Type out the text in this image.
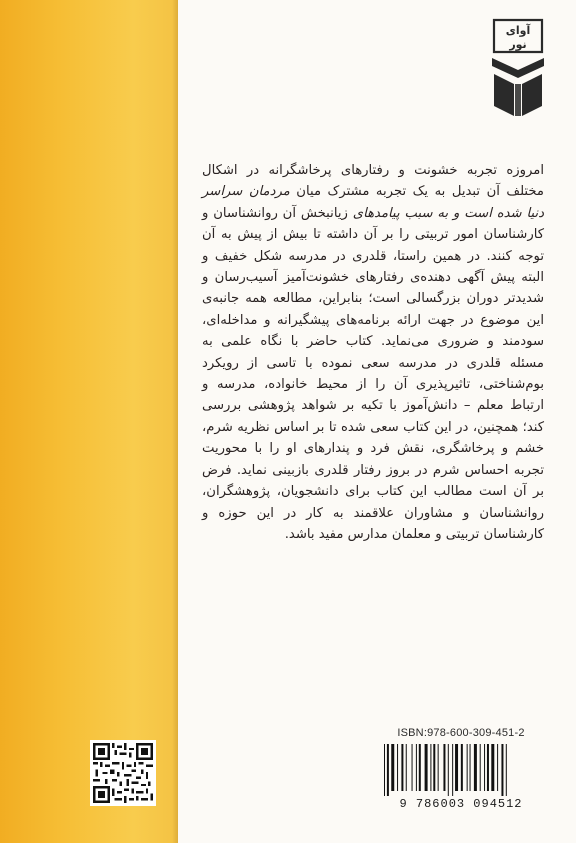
آوای
نور

امروزه تجربه خشونت و رفتارهای پرخاشگرانه در اشکال مختلف آن تبدیل به یک تجربه مشترک میان مردمان سراسر دنیا شده است و به سبب پیامدهای زیانبخش آن روانشناسان و کارشناسان امور تربیتی را بر آن داشته تا بیش از پیش به آن توجه کنند. در همین راستا، قلدری در مدرسه شکل خفیف و البته پیش آگهی دهنده‌ی رفتارهای خشونت‌آمیز آسیب‌رسان و شدیدتر دوران بزرگسالی است؛ بنابراین، مطالعه همه جانبه‌ی این موضوع در جهت ارائه برنامه‌های پیشگیرانه و مداخله‌ای، سودمند و ضروری می‌نماید. کتاب حاضر با نگاه علمی به مسئله قلدری در مدرسه سعی نموده با تاسی از رویکرد بوم‌شناختی، تاثیرپذیری آن را از محیط خانواده، مدرسه و ارتباط معلم – دانش‌آموز با تکیه بر شواهد پژوهشی بررسی کند؛ همچنین، در این کتاب سعی شده تا بر اساس نظریه شرم، خشم و پرخاشگری، نقش فرد و پندارهای او را با محوریت تجربه احساس شرم در بروز رفتار قلدری بازبینی نماید. فرض بر آن است مطالب این کتاب برای دانشجویان، پژوهشگران، روانشناسان و مشاوران علاقمند به کار در این حوزه و کارشناسان تربیتی و معلمان مدارس مفید باشد.

ISBN:978-600-309-451-2
9 786003 094512
